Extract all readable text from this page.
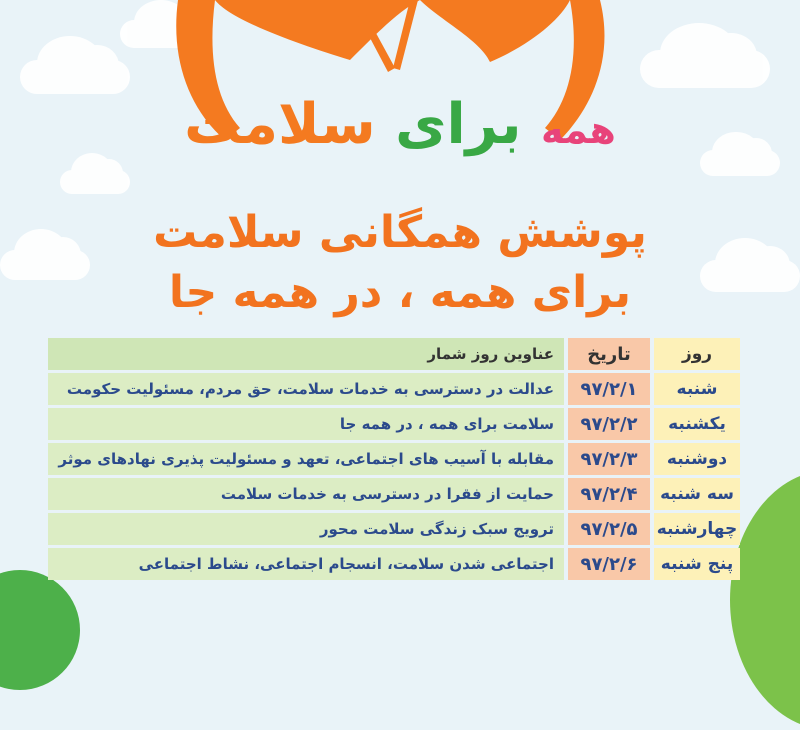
همه برای سلامت
پوشش همگانی سلامت
برای همه ، در همه جا
روز
تاریخ
عناوین روز شمار
شنبه
۹۷/۲/۱
عدالت در دسترسی به خدمات سلامت، حق مردم، مسئولیت حکومت
یکشنبه
۹۷/۲/۲
سلامت برای همه ، در همه جا
دوشنبه
۹۷/۲/۳
مقابله با آسیب های اجتماعی، تعهد و مسئولیت پذیری نهادهای موثر
سه شنبه
۹۷/۲/۴
حمایت از فقرا در دسترسی به خدمات سلامت
چهارشنبه
۹۷/۲/۵
ترویج سبک زندگی سلامت محور
پنج شنبه
۹۷/۲/۶
اجتماعی شدن سلامت، انسجام اجتماعی، نشاط اجتماعی
